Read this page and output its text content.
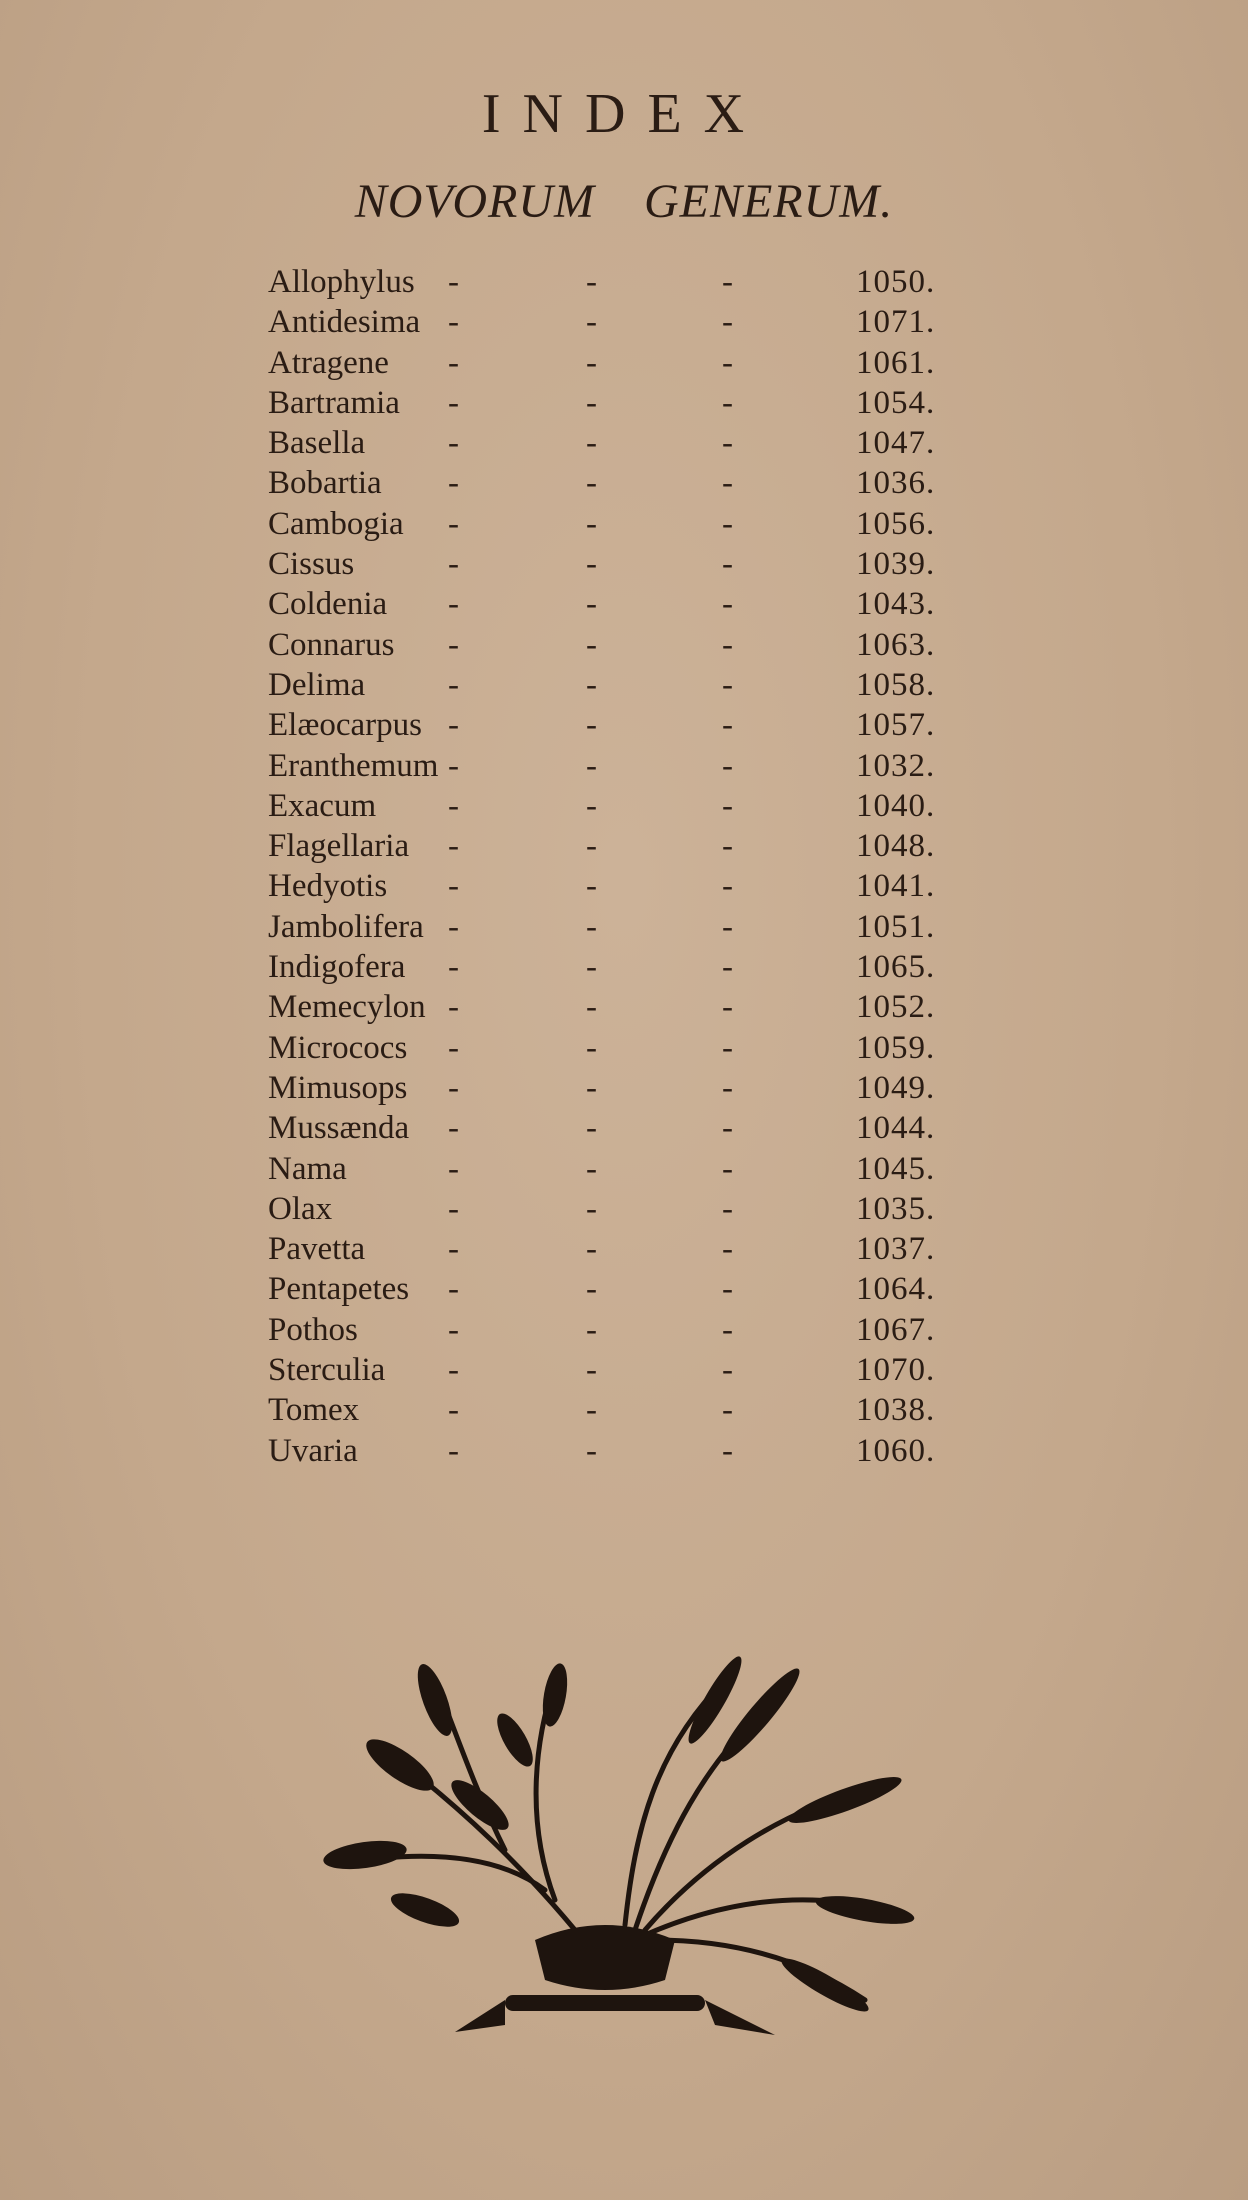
INDEX
NOVORUM GENERUM.
Allophylus -	-	-	1050.
Antidesima -	-	-	1071.
Atragene -	-	-	1061.
Bartramia -	-	-	1054.
Basella	-	-	-	1047.
Bobartia -	-	-	1036.
Cambogia -	-	-	1056.
Cissus	-	-	-	1039.
Coldenia -	-	-	1043.
Connarus -	-	-	1063.
Delima	-	-	-	1058.
Elæocarpus -	-	-	1057.
Eranthemum -	-	-	1032.
Exacum -	-	-	1040.
Flagellaria -	-	-	1048.
Hedyotis -	-	-	1041.
Jambolifera -	-	-	1051.
Indigofera -	-	-	1065.
Memecylon -	-	-	1052.
Micrococs -	-	-	1059.
Mimusops -	-	-	1049.
Mussænda -	-	-	1044.
Nama	-	-	-	1045.
Olax	-	-	-	1035.
Pavetta	-	-	-	1037.
Pentapetes -	-	-	1064.
Pothos	-	-	-	1067.
Sterculia -	-	-	1070.
Tomex	-	-	-	1038.
Uvaria	-	-	-	1060.
